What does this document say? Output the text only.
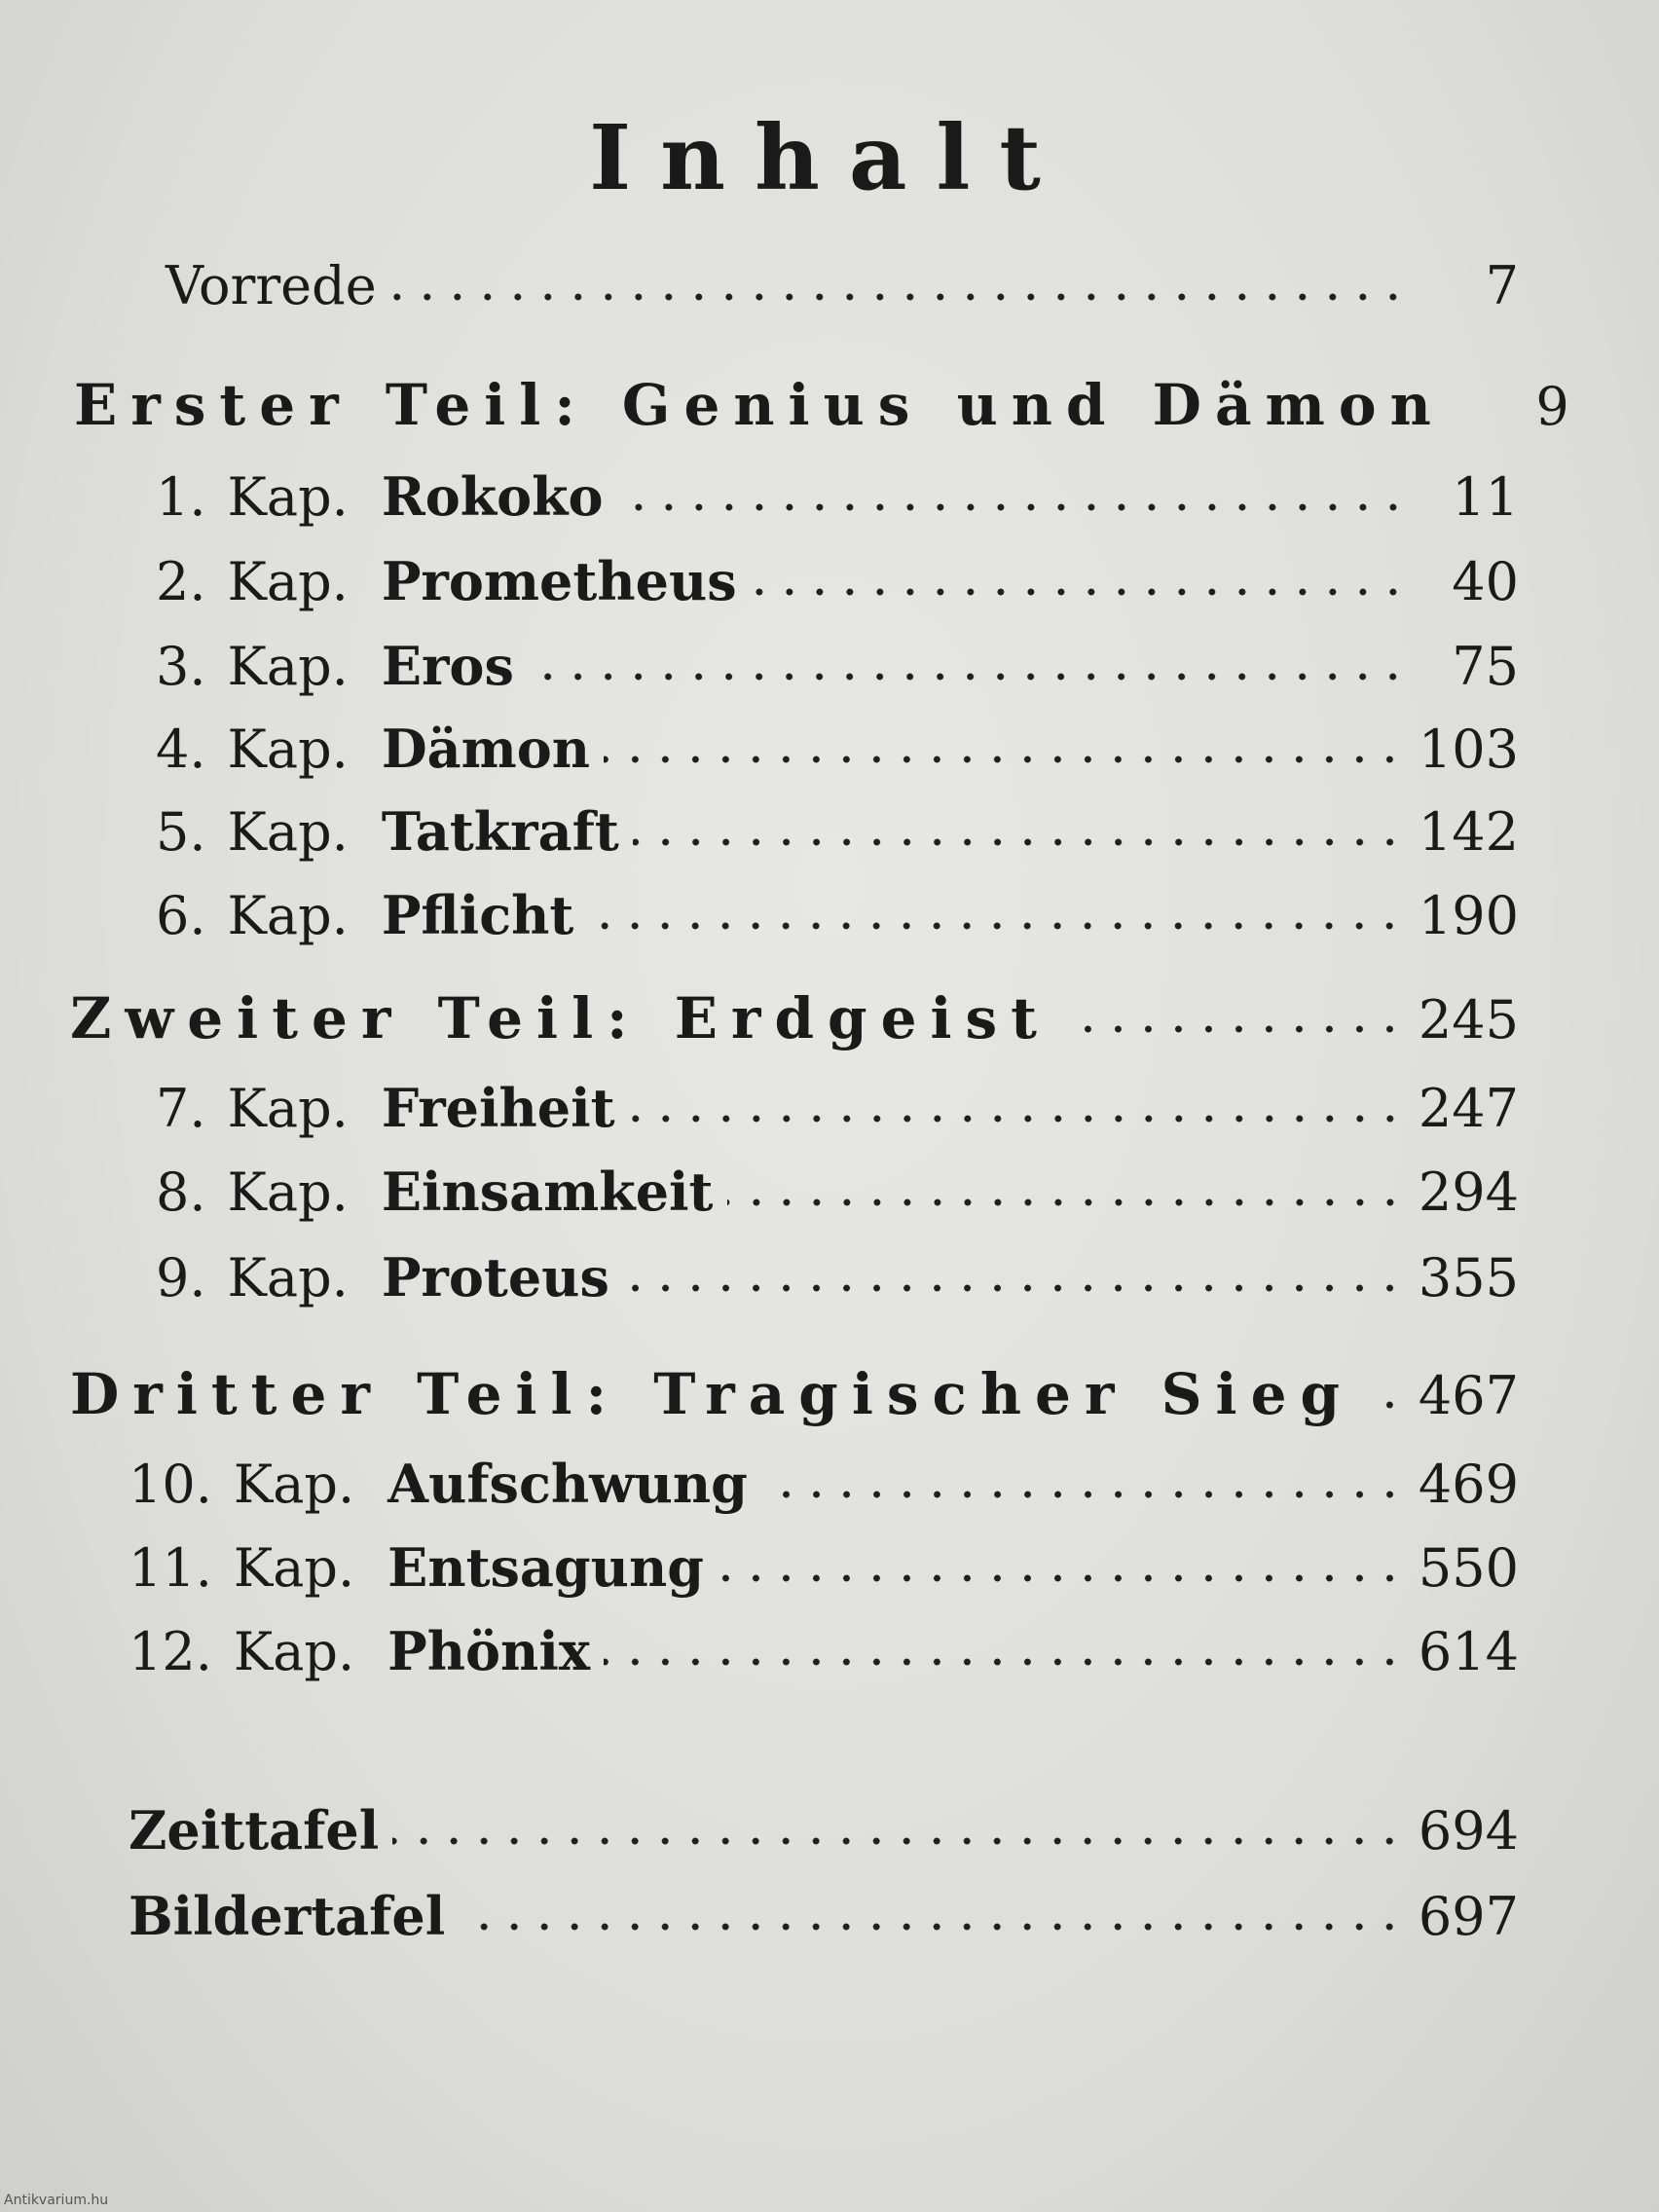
Inhalt
Vorrede	7
Erster Teil: Genius und Dämon	9
1. Kap. Rokoko	11
2. Kap. Prometheus	40
3. Kap. Eros	75
4. Kap. Dämon	103
5. Kap. Tatkraft	142
6. Kap. Pflicht	190
Zweiter Teil: Erdgeist	245
7. Kap. Freiheit	247
8. Kap. Einsamkeit	294
9. Kap. Proteus	355
Dritter Teil: Tragischer Sieg 467
10. Kap. Aufschwung	469
11. Kap. Entsagung	550
12. Kap. Phönix	614
Zeittafel	694
Bildertafel	697
Antikvarium.hu
